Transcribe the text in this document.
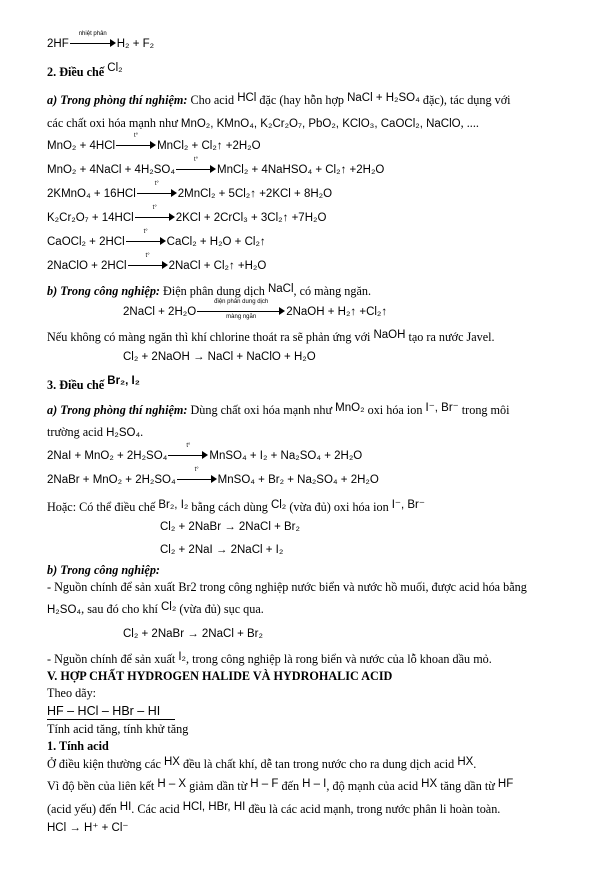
2HF
nhiệt phân
H₂ + F₂
2. Điều chế Cl₂
a) Trong phòng thí nghiệm: Cho acid HCl đặc (hay hỗn hợp NaCl + H₂SO₄ đặc), tác dụng với
các chất oxi hóa mạnh như MnO₂, KMnO₄, K₂Cr₂O₇, PbO₂, KClO₃, CaOCl₂, NaClO, ....
MnO₂ + 4HCl
t°
MnCl₂ + Cl₂↑ +2H₂O
MnO₂ + 4NaCl + 4H₂SO₄
t°
MnCl₂ + 4NaHSO₄ + Cl₂↑ +2H₂O
2KMnO₄ + 16HCl
t°
2MnCl₂ + 5Cl₂↑ +2KCl + 8H₂O
K₂Cr₂O₇ + 14HCl
t°
2KCl + 2CrCl₃ + 3Cl₂↑ +7H₂O
CaOCl₂ + 2HCl
t°
CaCl₂ + H₂O + Cl₂↑
2NaClO + 2HCl
t°
2NaCl + Cl₂↑ +H₂O
b) Trong công nghiệp: Điện phân dung dịch NaCl, có màng ngăn.
2NaCl + 2H₂O
điện phân dung dịch
màng ngăn	2NaOH + H₂↑ +Cl₂↑
Nếu không có màng ngăn thì khí chlorine thoát ra sẽ phản ứng với NaOH tạo ra nước Javel.
Cl₂ + 2NaOH → NaCl + NaClO + H₂O
3. Điều chế Br₂, I₂
a) Trong phòng thí nghiệm: Dùng chất oxi hóa mạnh như MnO₂ oxi hóa ion I⁻, Br⁻ trong môi
trường acid H₂SO₄.
2NaI + MnO₂ + 2H₂SO₄
t°
MnSO₄ + I₂ + Na₂SO₄ + 2H₂O
2NaBr + MnO₂ + 2H₂SO₄
t°
MnSO₄ + Br₂ + Na₂SO₄ + 2H₂O
Hoặc: Có thể điều chế Br₂, I₂ bằng cách dùng Cl₂ (vừa đủ) oxi hóa ion I⁻, Br⁻
Cl₂ + 2NaBr → 2NaCl + Br₂
Cl₂ + 2NaI → 2NaCl + I₂
b) Trong công nghiệp:
- Nguồn chính để sản xuất Br2 trong công nghiệp nước biển và nước hồ muối, được acid hóa bằng
H₂SO₄, sau đó cho khí Cl₂ (vừa đủ) sục qua.
Cl₂ + 2NaBr → 2NaCl + Br₂
- Nguồn chính để sản xuất I₂, trong công nghiệp là rong biển và nước của lỗ khoan dầu mỏ.
V. HỢP CHẤT HYDROGEN HALIDE VÀ HYDROHALIC ACID
Theo dãy:
HF – HCl – HBr – HI
Tính acid tăng, tính khử tăng
1. Tính acid
Ở điều kiện thường các HX đều là chất khí, dễ tan trong nước cho ra dung dịch acid HX.
Vì độ bền của liên kết H – X giảm dần từ H – F đến H – I, độ mạnh của acid HX tăng dần từ HF
(acid yếu) đến HI. Các acid HCl, HBr, HI đều là các acid mạnh, trong nước phân li hoàn toàn.
HCl → H⁺ + Cl⁻
